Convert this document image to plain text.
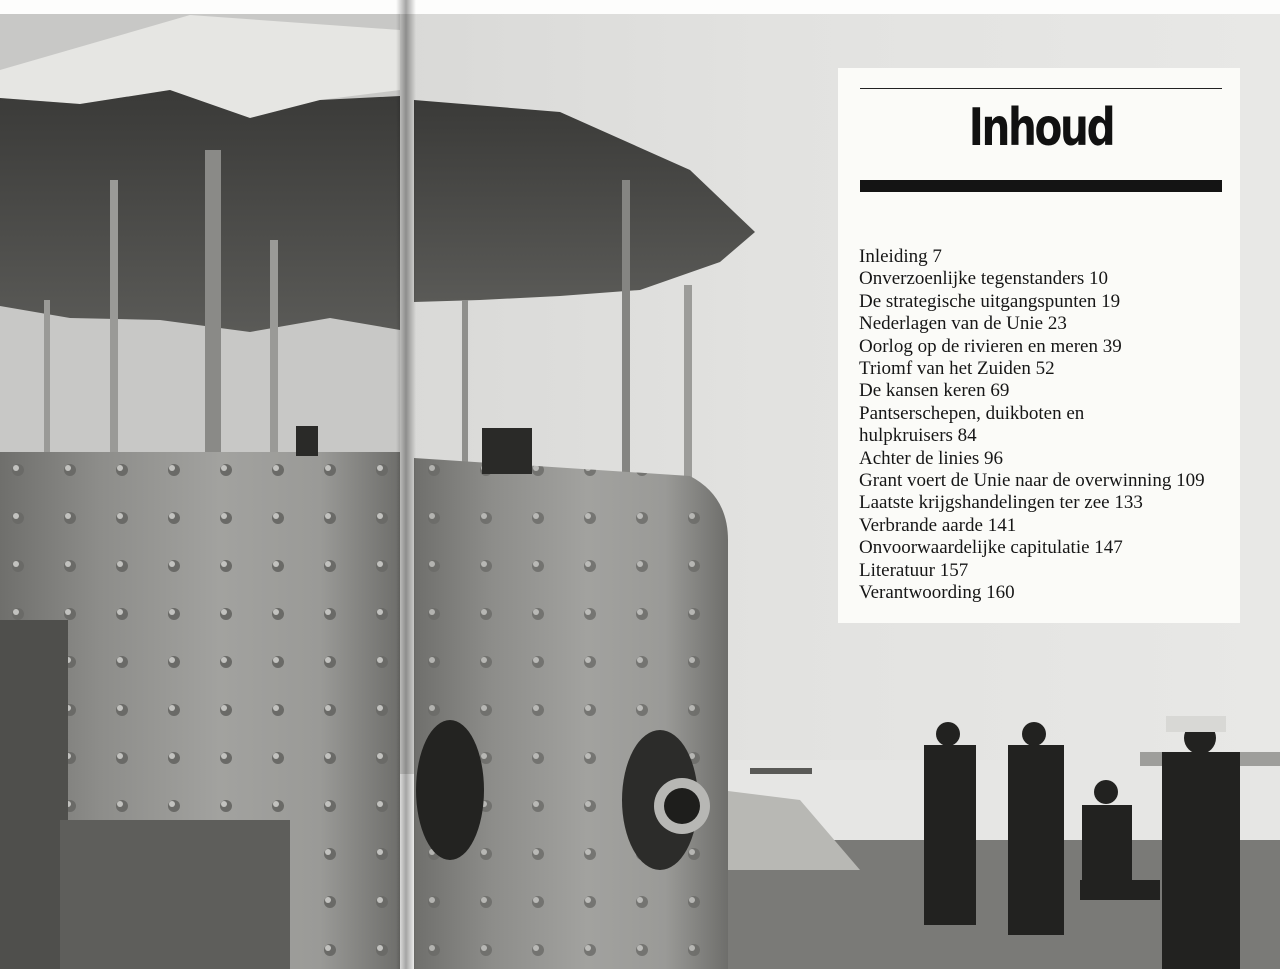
Inhoud
Inleiding 7
Onverzoenlijke tegenstanders 10
De strategische uitgangspunten 19
Nederlagen van de Unie 23
Oorlog op de rivieren en meren 39
Triomf van het Zuiden 52
De kansen keren 69
Pantserschepen, duikboten en
hulpkruisers 84
Achter de linies 96
Grant voert de Unie naar de overwinning 109
Laatste krijgshandelingen ter zee 133
Verbrande aarde 141
Onvoorwaardelijke capitulatie 147
Literatuur 157
Verantwoording 160
